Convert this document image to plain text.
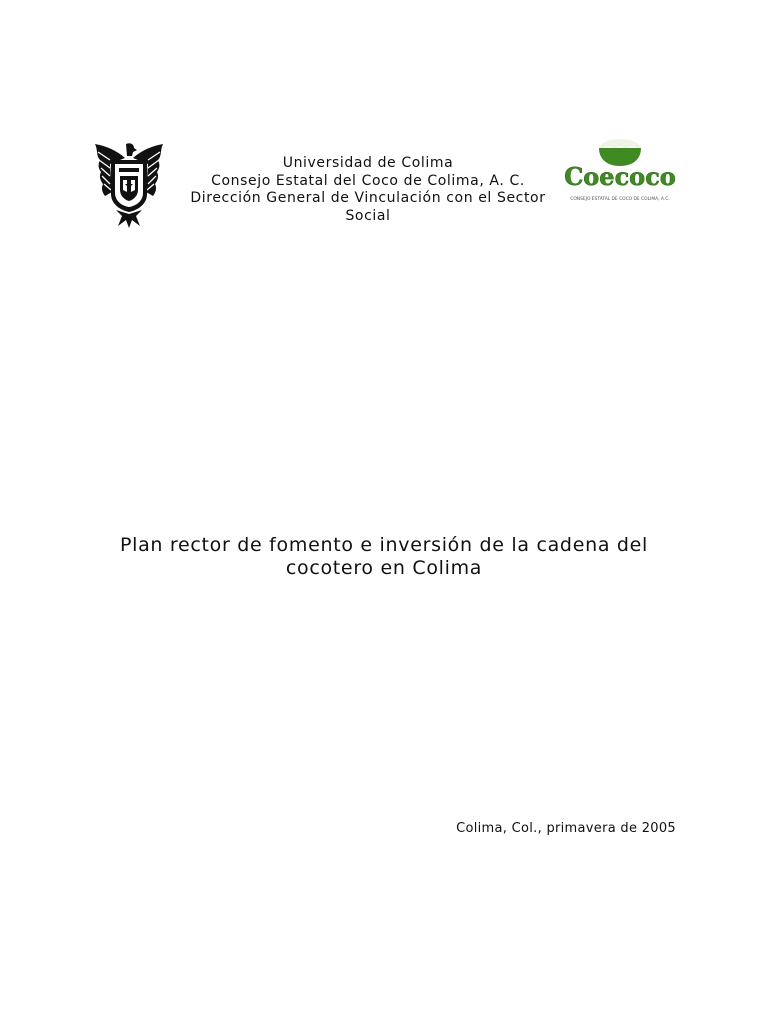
Universidad de Colima
Consejo Estatal del Coco de Colima, A. C.
Dirección General de Vinculación con el Sector
Social
Coecoco
CONSEJO ESTATAL DE COCO DE COLIMA, A.C.
Plan rector de fomento e inversión de la cadena del
cocotero en Colima
Colima, Col., primavera de 2005
